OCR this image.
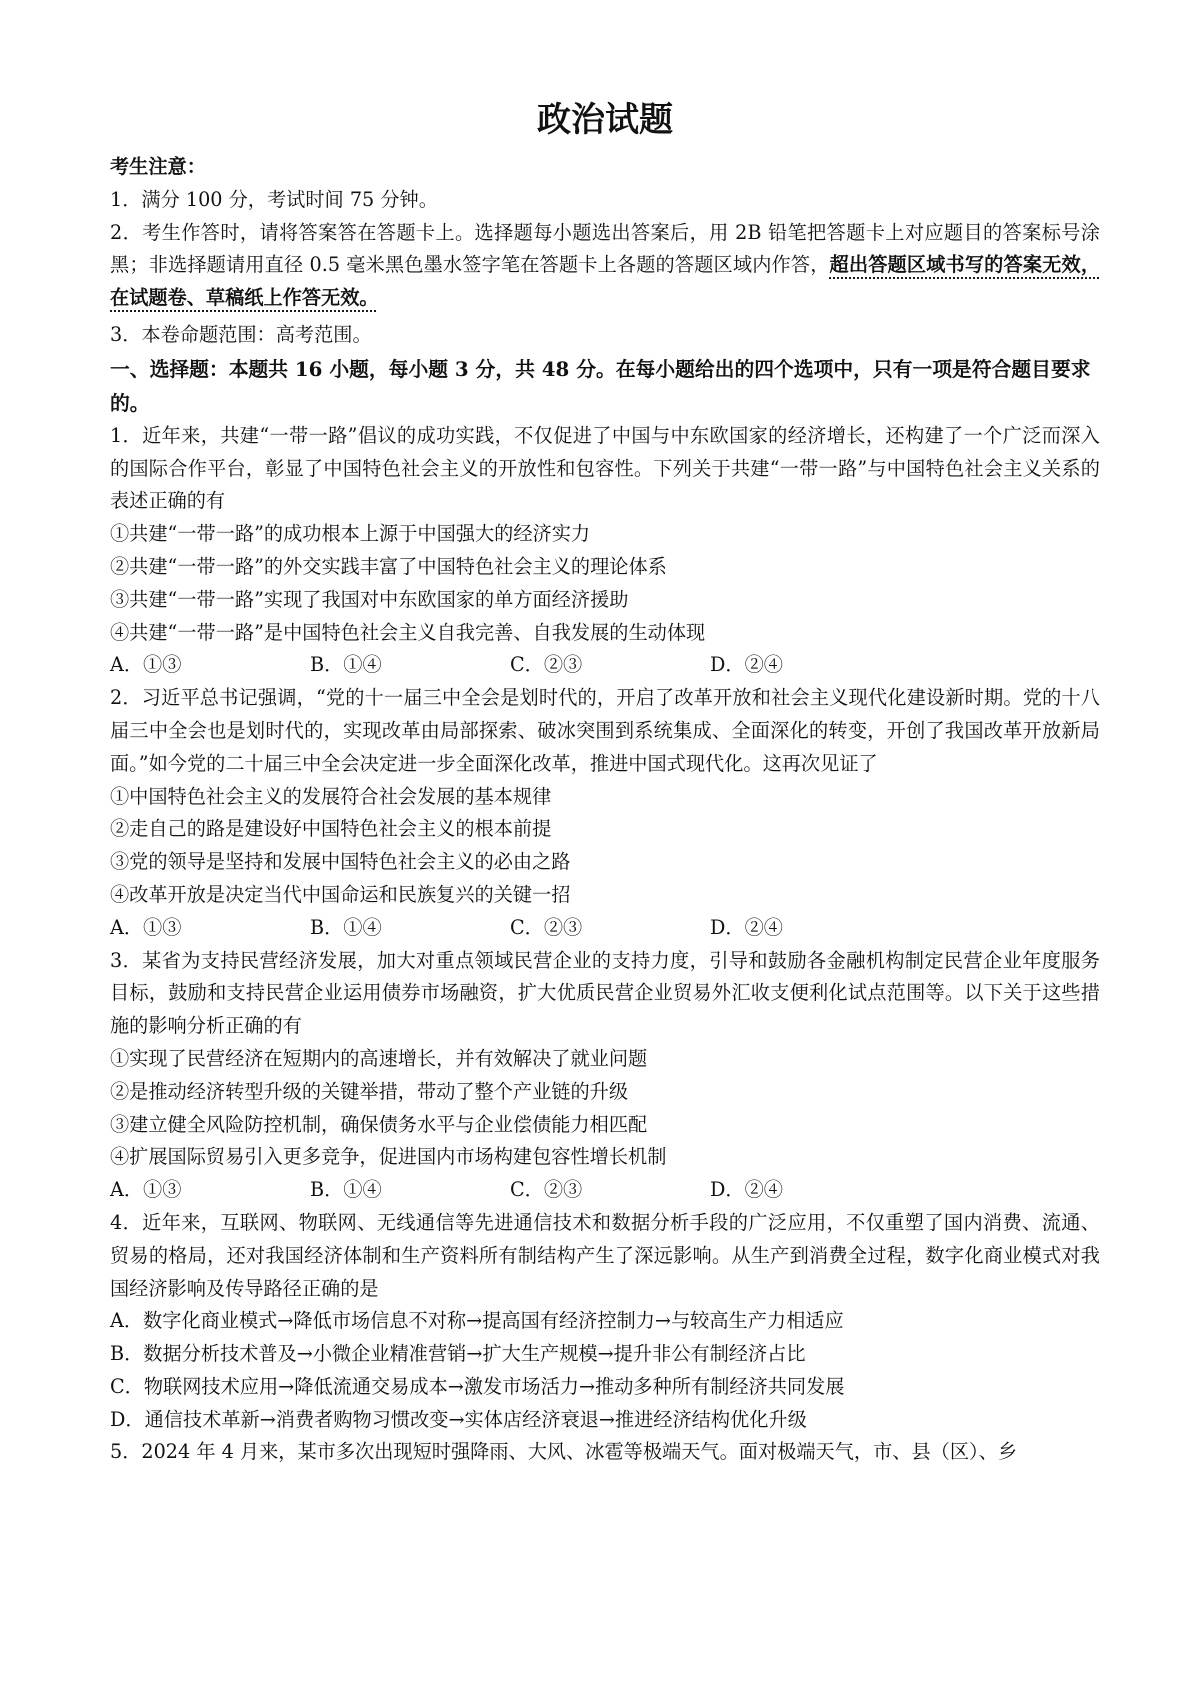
政治试题
考生注意：
1．满分 100 分，考试时间 75 分钟。
2．考生作答时，请将答案答在答题卡上。选择题每小题选出答案后，用 2B 铅笔把答题卡上对应题目的答案标号涂黑；非选择题请用直径 0.5 毫米黑色墨水签字笔在答题卡上各题的答题区域内作答，超出答题区域书写的答案无效，在试题卷、草稿纸上作答无效。
3．本卷命题范围：高考范围。
一、选择题：本题共 16 小题，每小题 3 分，共 48 分。在每小题给出的四个选项中，只有一项是符合题目要求的。
1．近年来，共建“一带一路”倡议的成功实践，不仅促进了中国与中东欧国家的经济增长，还构建了一个广泛而深入的国际合作平台，彰显了中国特色社会主义的开放性和包容性。下列关于共建“一带一路”与中国特色社会主义关系的表述正确的有
①共建“一带一路”的成功根本上源于中国强大的经济实力
②共建“一带一路”的外交实践丰富了中国特色社会主义的理论体系
③共建“一带一路”实现了我国对中东欧国家的单方面经济援助
④共建“一带一路”是中国特色社会主义自我完善、自我发展的生动体现
A．①③	B．①④	C．②③	D．②④
2．习近平总书记强调，“党的十一届三中全会是划时代的，开启了改革开放和社会主义现代化建设新时期。党的十八届三中全会也是划时代的，实现改革由局部探索、破冰突围到系统集成、全面深化的转变，开创了我国改革开放新局面。”如今党的二十届三中全会决定进一步全面深化改革，推进中国式现代化。这再次见证了
①中国特色社会主义的发展符合社会发展的基本规律
②走自己的路是建设好中国特色社会主义的根本前提
③党的领导是坚持和发展中国特色社会主义的必由之路
④改革开放是决定当代中国命运和民族复兴的关键一招
A．①③	B．①④	C．②③	D．②④
3．某省为支持民营经济发展，加大对重点领域民营企业的支持力度，引导和鼓励各金融机构制定民营企业年度服务目标，鼓励和支持民营企业运用债券市场融资，扩大优质民营企业贸易外汇收支便利化试点范围等。以下关于这些措施的影响分析正确的有
①实现了民营经济在短期内的高速增长，并有效解决了就业问题
②是推动经济转型升级的关键举措，带动了整个产业链的升级
③建立健全风险防控机制，确保债务水平与企业偿债能力相匹配
④扩展国际贸易引入更多竞争，促进国内市场构建包容性增长机制
A．①③	B．①④	C．②③	D．②④
4．近年来，互联网、物联网、无线通信等先进通信技术和数据分析手段的广泛应用，不仅重塑了国内消费、流通、贸易的格局，还对我国经济体制和生产资料所有制结构产生了深远影响。从生产到消费全过程，数字化商业模式对我国经济影响及传导路径正确的是
A．数字化商业模式→降低市场信息不对称→提高国有经济控制力→与较高生产力相适应
B．数据分析技术普及→小微企业精准营销→扩大生产规模→提升非公有制经济占比
C．物联网技术应用→降低流通交易成本→激发市场活力→推动多种所有制经济共同发展
D．通信技术革新→消费者购物习惯改变→实体店经济衰退→推进经济结构优化升级
5．2024 年 4 月来，某市多次出现短时强降雨、大风、冰雹等极端天气。面对极端天气，市、县（区）、乡
